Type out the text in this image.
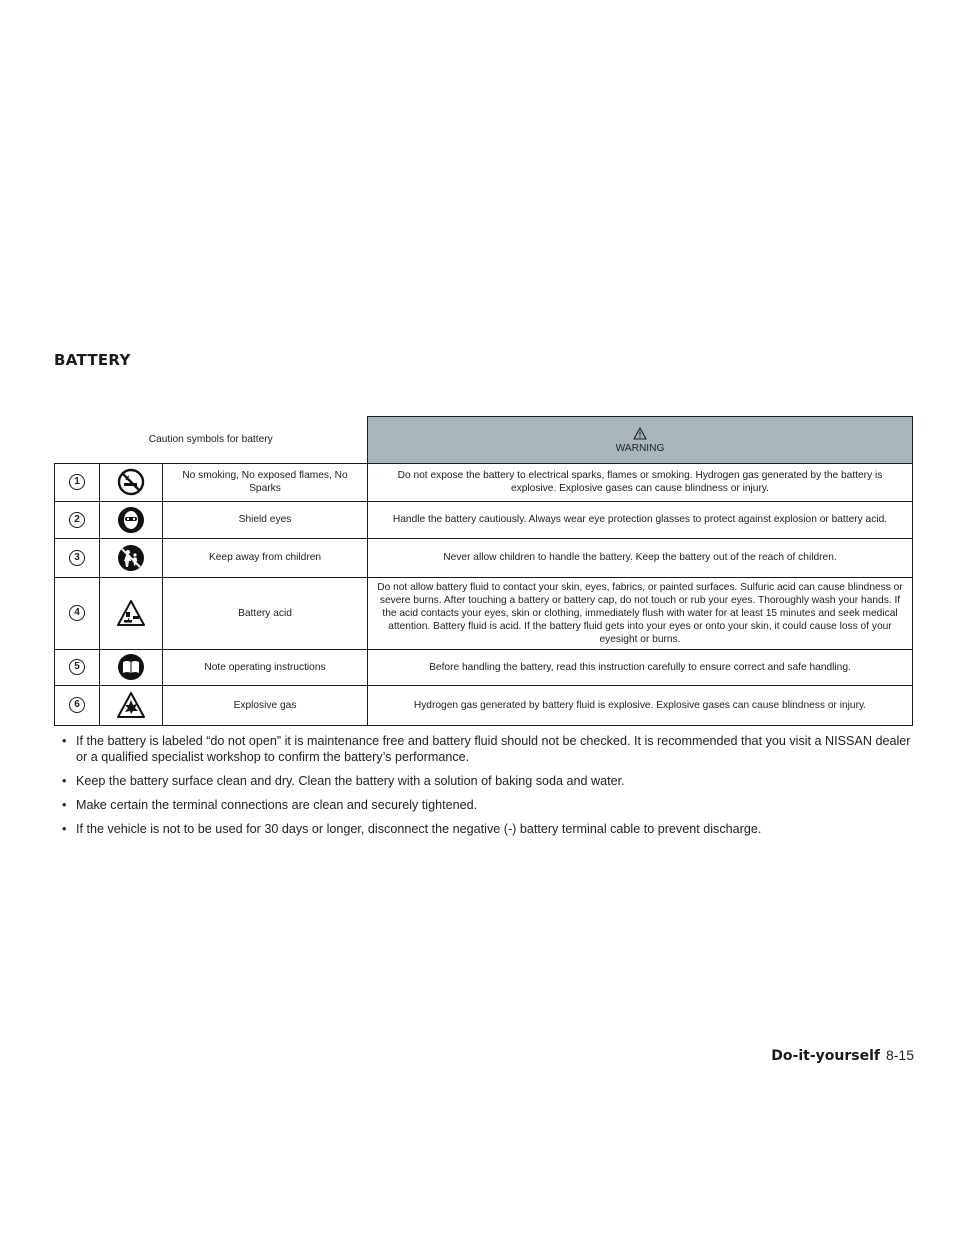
BATTERY
Caution symbols for battery			WARNING
1		No smoking, No exposed flames, No Sparks	Do not expose the battery to electrical sparks, flames or smoking. Hydrogen gas generated by the battery is explosive. Explosive gases can cause blindness or injury.
2		Shield eyes	Handle the battery cautiously. Always wear eye protection glasses to protect against explosion or battery acid.
3		Keep away from children	Never allow children to handle the battery. Keep the battery out of the reach of children.
4		Battery acid	Do not allow battery fluid to contact your skin, eyes, fabrics, or painted surfaces. Sulfuric acid can cause blindness or severe burns. After touching a battery or battery cap, do not touch or rub your eyes. Thoroughly wash your hands. If the acid contacts your eyes, skin or clothing, immediately flush with water for at least 15 minutes and seek medical attention. Battery fluid is acid. If the battery fluid gets into your eyes or onto your skin, it could cause loss of your eyesight or burns.
5		Note operating instructions	Before handling the battery, read this instruction carefully to ensure correct and safe handling.
6		Explosive gas	Hydrogen gas generated by battery fluid is explosive. Explosive gases can cause blindness or injury.
• If the battery is labeled “do not open” it is maintenance free and battery fluid should not be checked. It is recommended that you visit a NISSAN dealer or a qualified specialist workshop to confirm the battery’s performance.
• Keep the battery surface clean and dry. Clean the battery with a solution of baking soda and water.
• Make certain the terminal connections are clean and securely tightened.
• If the vehicle is not to be used for 30 days or longer, disconnect the negative (-) battery terminal cable to prevent discharge.
Do-it-yourself 8-15
